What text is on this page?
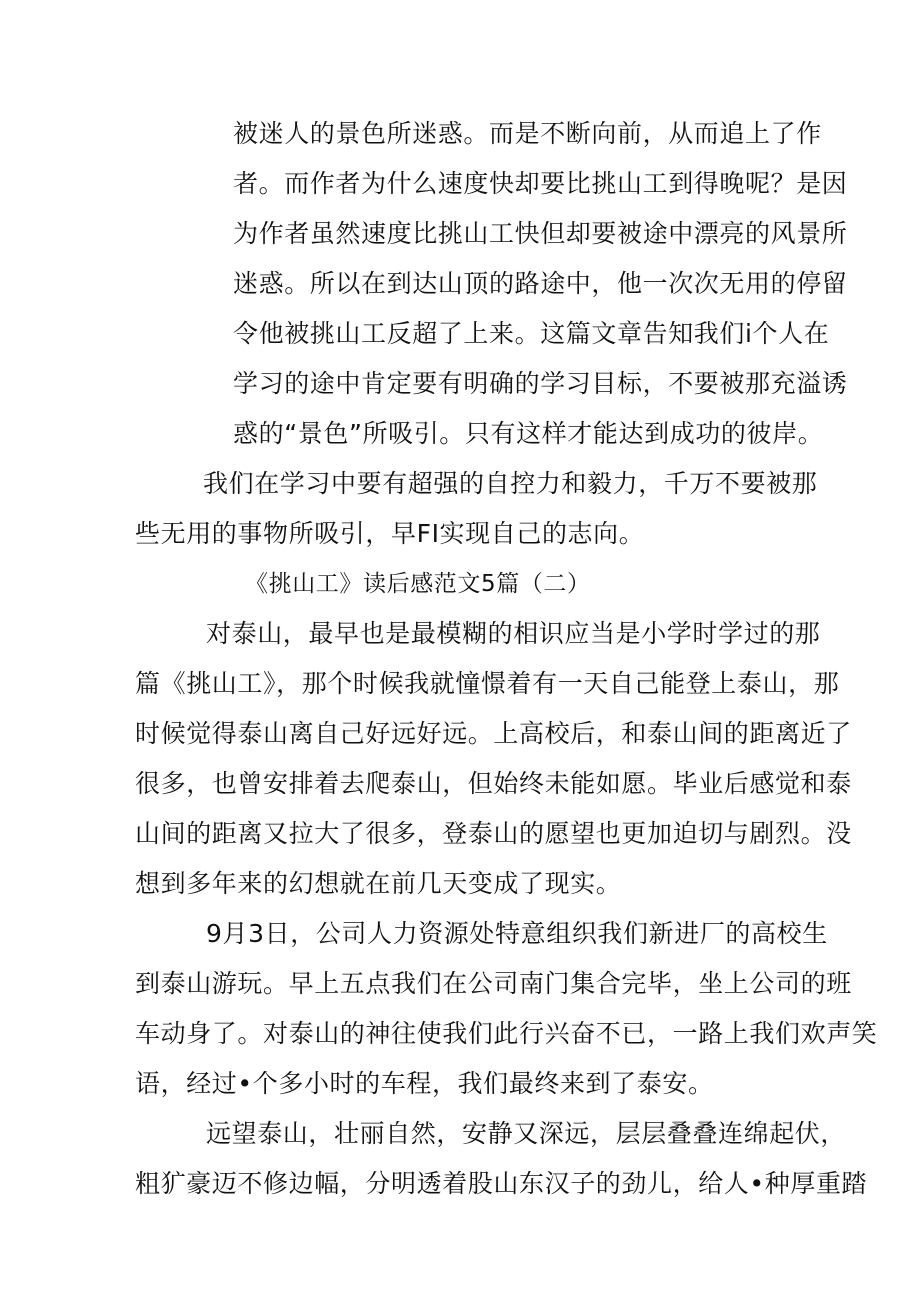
被迷人的景色所迷惑。而是不断向前，从而追上了作
者。而作者为什么速度快却要比挑山工到得晚呢？是因
为作者虽然速度比挑山工快但却要被途中漂亮的风景所
迷惑。所以在到达山顶的路途中，他一次次无用的停留
令他被挑山工反超了上来。这篇文章告知我们i个人在
学习的途中肯定要有明确的学习目标，不要被那充溢诱
惑的“景色”所吸引。只有这样才能达到成功的彼岸。
我们在学习中要有超强的自控力和毅力，千万不要被那
些无用的事物所吸引，早FI实现自己的志向。
《挑山工》读后感范文5篇（二）
对泰山，最早也是最模糊的相识应当是小学时学过的那
篇《挑山工》，那个时候我就憧憬着有一天自己能登上泰山，那
时候觉得泰山离自己好远好远。上高校后，和泰山间的距离近了
很多，也曾安排着去爬泰山，但始终未能如愿。毕业后感觉和泰
山间的距离又拉大了很多，登泰山的愿望也更加迫切与剧烈。没
想到多年来的幻想就在前几天变成了现实。
9月3日，公司人力资源处特意组织我们新进厂的高校生
到泰山游玩。早上五点我们在公司南门集合完毕，坐上公司的班
车动身了。对泰山的神往使我们此行兴奋不已，一路上我们欢声笑
语，经过•个多小时的车程，我们最终来到了泰安。
远望泰山，壮丽自然，安静又深远，层层叠叠连绵起伏，
粗犷豪迈不修边幅，分明透着股山东汉子的劲儿，给人•种厚重踏
